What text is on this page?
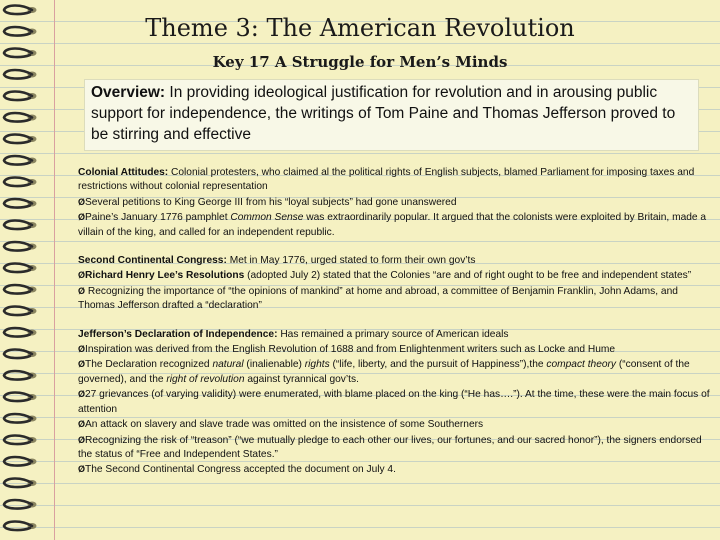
Theme 3: The American Revolution
Key 17 A Struggle for Men’s Minds
Overview: In providing ideological justification for revolution and in arousing public support for independence, the writings of Tom Paine and Thomas Jefferson proved to be stirring and effective

Colonial Attitudes: Colonial protesters, who claimed al the political rights of English subjects, blamed Parliament for imposing taxes and restrictions without colonial representation

ØSeveral petitions to King George III from his “loyal subjects” had gone unanswered

ØPaine’s January 1776 pamphlet Common Sense was extraordinarily popular. It argued that the colonists were exploited by Britain, made a villain of the king, and called for an independent republic.

Second Continental Congress: Met in May 1776, urged stated to form their own gov’ts

ØRichard Henry Lee’s Resolutions (adopted July 2) stated that the Colonies “are and of right ought to be free and independent states”

Ø Recognizing the importance of “the opinions of mankind” at home and abroad, a committee of Benjamin Franklin, John Adams, and Thomas Jefferson drafted a “declaration”

Jefferson’s Declaration of Independence: Has remained a primary source of American ideals

ØInspiration was derived from the English Revolution of 1688 and from Enlightenment writers such as Locke and Hume

ØThe Declaration recognized natural (inalienable) rights (“life, liberty, and the pursuit of Happiness”),the compact theory (“consent of the governed), and the right of revolution against tyrannical gov’ts.

Ø27 grievances (of varying validity) were enumerated, with blame placed on the king (“He has….”). At the time, these were the main focus of attention

ØAn attack on slavery and slave trade was omitted on the insistence of some Southerners

ØRecognizing the risk of “treason” (“we mutually pledge to each other our lives, our fortunes, and our sacred honor”), the signers endorsed the status of “Free and Independent States.”

ØThe Second Continental Congress accepted the document on July 4.
